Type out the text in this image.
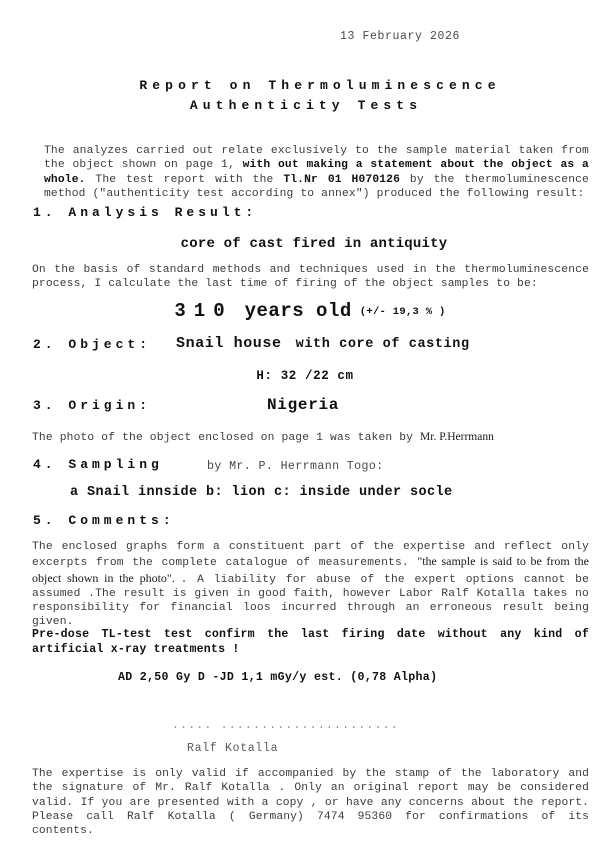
13 February 2026
Report on Thermoluminescence
Authenticity Tests
The analyzes carried out relate exclusively to the sample material taken from the object shown on page 1, with out making a statement about the object as a whole. The test report with the Tl.Nr 01 H070126 by the thermoluminescence method ("authenticity test according to annex") produced the following result:
1. Analysis Result:
core of cast fired in antiquity
On the basis of standard methods and techniques used in the thermoluminescence process, I calculate the last time of firing of the object samples to be:
310 years old (+/- 19,3 % )
2. Object: Snail house with core of casting
H: 32 /22 cm
3. Origin:	Nigeria
The photo of the object enclosed on page 1 was taken by Mr. P.Herrmann
4. Sampling	by Mr. P. Herrmann Togo:
a Snail innside b: lion c: inside under socle
5. Comments:
The enclosed graphs form a constituent part of the expertise and reflect only excerpts from the complete catalogue of measurements. "the sample is said to be from the object shown in the photo". . A liability for abuse of the expert options cannot be assumed .The result is given in good faith, however Labor Ralf Kotalla takes no responsibility for financial loos incurred through an erroneous result being given.
Pre-dose TL-test test confirm the last firing date without any kind of artificial x-ray treatments !
AD 2,50 Gy D -JD 1,1 mGy/y est. (0,78 Alpha)
..... ......................
Ralf Kotalla
The expertise is only valid if accompanied by the stamp of the laboratory and the signature of Mr. Ralf Kotalla . Only an original report may be considered valid. If you are presented with a copy , or have any concerns about the report. Please call Ralf Kotalla ( Germany) 7474 95360 for confirmations of its contents.
